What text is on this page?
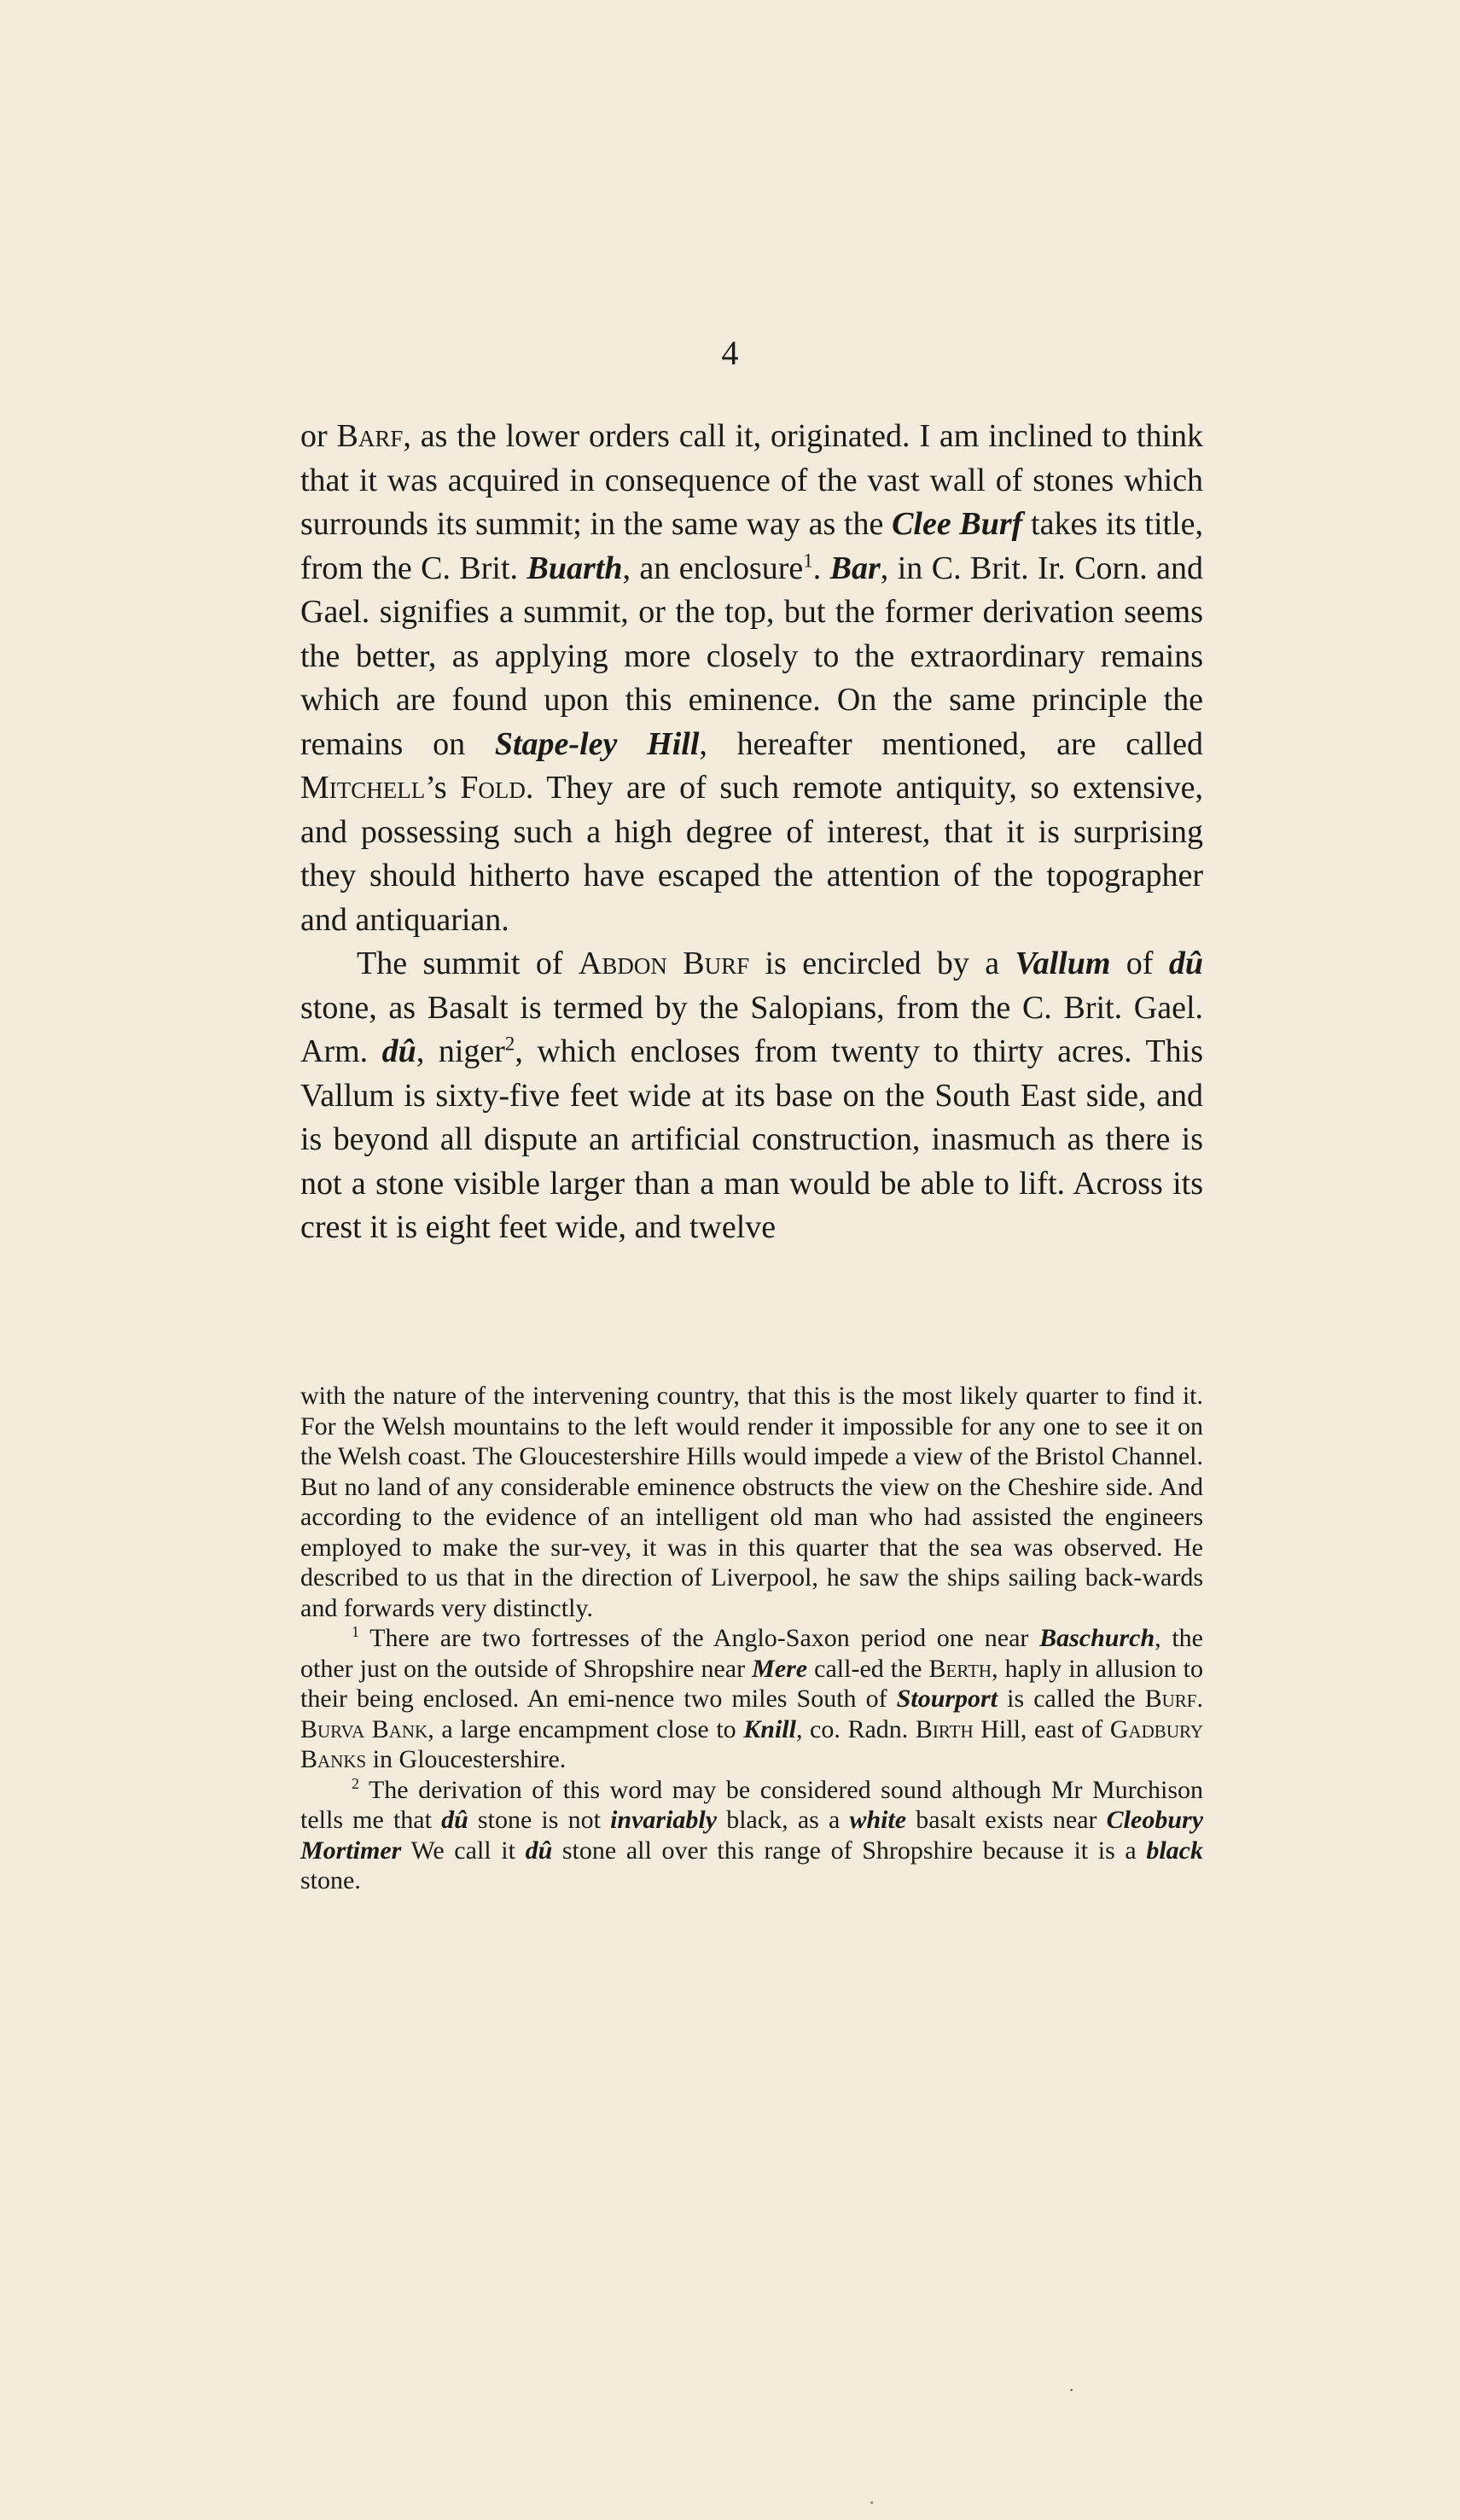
4

or Barf, as the lower orders call it, originated. I am inclined to think that it was acquired in consequence of the vast wall of stones which surrounds its summit; in the same way as the Clee Burf takes its title, from the C. Brit. Buarth, an enclosure$^1$. Bar, in C. Brit. Ir. Corn. and Gael. signifies a summit, or the top, but the former derivation seems the better, as applying more closely to the extraordinary remains which are found upon this eminence. On the same principle the remains on Stape-ley Hill, hereafter mentioned, are called Mitchell’s Fold. They are of such remote antiquity, so extensive, and possessing such a high degree of interest, that it is surprising they should hitherto have escaped the attention of the topographer and antiquarian.

The summit of Abdon Burf is encircled by a Vallum of dû stone, as Basalt is termed by the Salopians, from the C. Brit. Gael. Arm. dû, niger$^2$, which encloses from twenty to thirty acres. This Vallum is sixty-five feet wide at its base on the South East side, and is beyond all dispute an artificial construction, inasmuch as there is not a stone visible larger than a man would be able to lift. Across its crest it is eight feet wide, and twelve

with the nature of the intervening country, that this is the most likely quarter to find it. For the Welsh mountains to the left would render it impossible for any one to see it on the Welsh coast. The Gloucestershire Hills would impede a view of the Bristol Channel. But no land of any considerable eminence obstructs the view on the Cheshire side. And according to the evidence of an intelligent old man who had assisted the engineers employed to make the sur-vey, it was in this quarter that the sea was observed. He described to us that in the direction of Liverpool, he saw the ships sailing back-wards and forwards very distinctly.

$^1$ There are two fortresses of the Anglo-Saxon period one near Baschurch, the other just on the outside of Shropshire near Mere call-ed the Berth, haply in allusion to their being enclosed. An emi-nence two miles South of Stourport is called the Burf. Burva Bank, a large encampment close to Knill, co. Radn. Birth Hill, east of Gadbury Banks in Gloucestershire.

$^2$ The derivation of this word may be considered sound although Mr Murchison tells me that dû stone is not invariably black, as a white basalt exists near Cleobury Mortimer We call it dû stone all over this range of Shropshire because it is a black stone.

·
·
